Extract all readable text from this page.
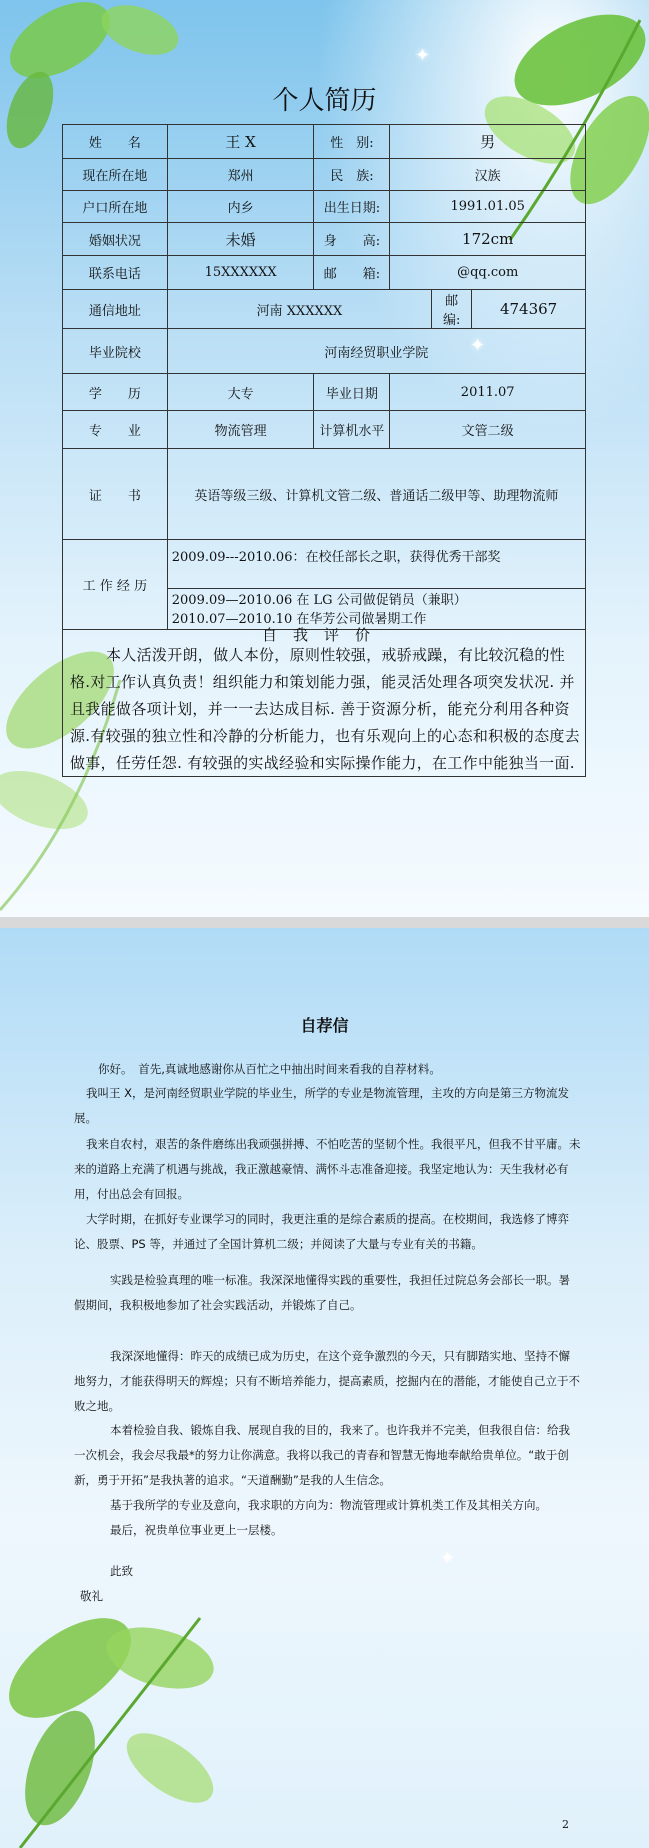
✦
✦
个人简历
姓　　名	王 X	性　别:	男		
现在所在地	郑州	民　族:	汉族		
户口所在地	内乡	出生日期:	1991.01.05		
婚姻状况	未婚	身　　高:	172cm		
联系电话	15XXXXXX	邮　　箱:	@qq.com		
通信地址	河南 XXXXXX			邮　编:	474367
毕业院校	河南经贸职业学院				
学　　历	大专	毕业日期	2011.07		
专　　业	物流管理	计算机水平	文管二级		
证　　书	英语等级三级、计算机文管二级、普通话二级甲等、助理物流师				
工 作 经 历	2009.09---2010.06：在校任部长之职，获得优秀干部奖				

	2009.09—2010.06 在 LG 公司做促销员（兼职）
2010.07—2010.10 在华芳公司做暑期工作				
自我评价

本人活泼开朗，做人本份，原则性较强，戒骄戒躁，有比较沉稳的性格.对工作认真负责！组织能力和策划能力强，能灵活处理各项突发状况. 并且我能做各项计划，并一一去达成目标. 善于资源分析，能充分利用各种资源.有较强的独立性和冷静的分析能力，也有乐观向上的心态和积极的态度去做事，任劳任怨. 有较强的实战经验和实际操作能力，在工作中能独当一面.

✦
自荐信

你好。　首先,真诚地感谢你从百忙之中抽出时间来看我的自荐材料。

我叫王 X，是河南经贸职业学院的毕业生，所学的专业是物流管理，主攻的方向是第三方物流发展。

我来自农村，艰苦的条件磨练出我顽强拼搏、不怕吃苦的坚韧个性。我很平凡，但我不甘平庸。未来的道路上充满了机遇与挑战，我正激越豪情、满怀斗志准备迎接。我坚定地认为：天生我材必有用，付出总会有回报。

大学时期，在抓好专业课学习的同时，我更注重的是综合素质的提高。在校期间，我选修了博弈论、股票、PS 等，并通过了全国计算机二级；并阅读了大量与专业有关的书籍。

实践是检验真理的唯一标准。我深深地懂得实践的重要性，我担任过院总务会部长一职。暑假期间，我积极地参加了社会实践活动，并锻炼了自己。

我深深地懂得：昨天的成绩已成为历史，在这个竞争激烈的今天，只有脚踏实地、坚持不懈地努力，才能获得明天的辉煌；只有不断培养能力，提高素质，挖掘内在的潜能，才能使自己立于不败之地。

本着检验自我、锻炼自我、展现自我的目的，我来了。也许我并不完美，但我很自信：给我一次机会，我会尽我最*的努力让你满意。我将以我己的青春和智慧无悔地奉献给贵单位。“敢于创新，勇于开拓”是我执著的追求。“天道酬勤”是我的人生信念。

基于我所学的专业及意向，我求职的方向为：物流管理或计算机类工作及其相关方向。

最后，祝贵单位事业更上一层楼。

此致

敬礼

2
